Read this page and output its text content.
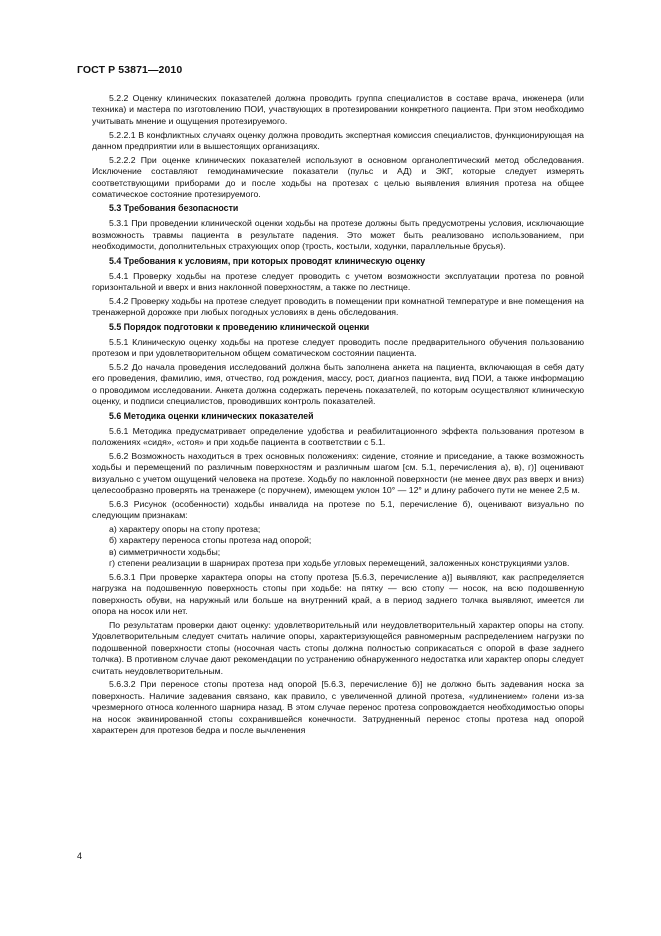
ГОСТ Р 53871—2010
5.2.2 Оценку клинических показателей должна проводить группа специалистов в составе врача, инженера (или техника) и мастера по изготовлению ПОИ, участвующих в протезировании конкретного пациента. При этом необходимо учитывать мнение и ощущения протезируемого.
5.2.2.1 В конфликтных случаях оценку должна проводить экспертная комиссия специалистов, функционирующая на данном предприятии или в вышестоящих организациях.
5.2.2.2 При оценке клинических показателей используют в основном органолептический метод обследования. Исключение составляют гемодинамические показатели (пульс и АД) и ЭКГ, которые следует измерять соответствующими приборами до и после ходьбы на протезах с целью выявления влияния протеза на общее соматическое состояние протезируемого.
5.3 Требования безопасности
5.3.1 При проведении клинической оценки ходьбы на протезе должны быть предусмотрены условия, исключающие возможность травмы пациента в результате падения. Это может быть реализовано использованием, при необходимости, дополнительных страхующих опор (трость, костыли, ходунки, параллельные брусья).
5.4 Требования к условиям, при которых проводят клиническую оценку
5.4.1 Проверку ходьбы на протезе следует проводить с учетом возможности эксплуатации протеза по ровной горизонтальной и вверх и вниз наклонной поверхностям, а также по лестнице.
5.4.2 Проверку ходьбы на протезе следует проводить в помещении при комнатной температуре и вне помещения на тренажерной дорожке при любых погодных условиях в день обследования.
5.5 Порядок подготовки к проведению клинической оценки
5.5.1 Клиническую оценку ходьбы на протезе следует проводить после предварительного обучения пользованию протезом и при удовлетворительном общем соматическом состоянии пациента.
5.5.2 До начала проведения исследований должна быть заполнена анкета на пациента, включающая в себя дату его проведения, фамилию, имя, отчество, год рождения, массу, рост, диагноз пациента, вид ПОИ, а также информацию о проводимом исследовании. Анкета должна содержать перечень показателей, по которым осуществляют клиническую оценку, и подписи специалистов, проводивших контроль показателей.
5.6 Методика оценки клинических показателей
5.6.1 Методика предусматривает определение удобства и реабилитационного эффекта пользования протезом в положениях «сидя», «стоя» и при ходьбе пациента в соответствии с 5.1.
5.6.2 Возможность находиться в трех основных положениях: сидение, стояние и приседание, а также возможность ходьбы и перемещений по различным поверхностям и различным шагом [см. 5.1, перечисления а), в), г)] оценивают визуально с учетом ощущений человека на протезе. Ходьбу по наклонной поверхности (не менее двух раз вверх и вниз) целесообразно проверять на тренажере (с поручнем), имеющем уклон 10° — 12° и длину рабочего пути не менее 2,5 м.
5.6.3 Рисунок (особенности) ходьбы инвалида на протезе по 5.1, перечисление б), оценивают визуально по следующим признакам:
а) характеру опоры на стопу протеза;
б) характеру переноса стопы протеза над опорой;
в) симметричности ходьбы;
г) степени реализации в шарнирах протеза при ходьбе угловых перемещений, заложенных конструкциями узлов.
5.6.3.1 При проверке характера опоры на стопу протеза [5.6.3, перечисление а)] выявляют, как распределяется нагрузка на подошвенную поверхность стопы при ходьбе: на пятку — всю стопу — носок, на всю подошвенную поверхность обуви, на наружный или больше на внутренний край, а в период заднего толчка выявляют, имеется ли опора на носок или нет.
По результатам проверки дают оценку: удовлетворительный или неудовлетворительный характер опоры на стопу. Удовлетворительным следует считать наличие опоры, характеризующейся равномерным распределением нагрузки по подошвенной поверхности стопы (носочная часть стопы должна полностью соприкасаться с опорой в фазе заднего толчка). В противном случае дают рекомендации по устранению обнаруженного недостатка или характер опоры следует считать неудовлетворительным.
5.6.3.2 При переносе стопы протеза над опорой [5.6.3, перечисление б)] не должно быть задевания носка за поверхность. Наличие задевания связано, как правило, с увеличенной длиной протеза, «удлинением» голени из-за чрезмерного относа коленного шарнира назад. В этом случае перенос протеза сопровождается необходимостью опоры на носок эквинированной стопы сохранившейся конечности. Затрудненный перенос стопы протеза над опорой характерен для протезов бедра и после вычленения
4
